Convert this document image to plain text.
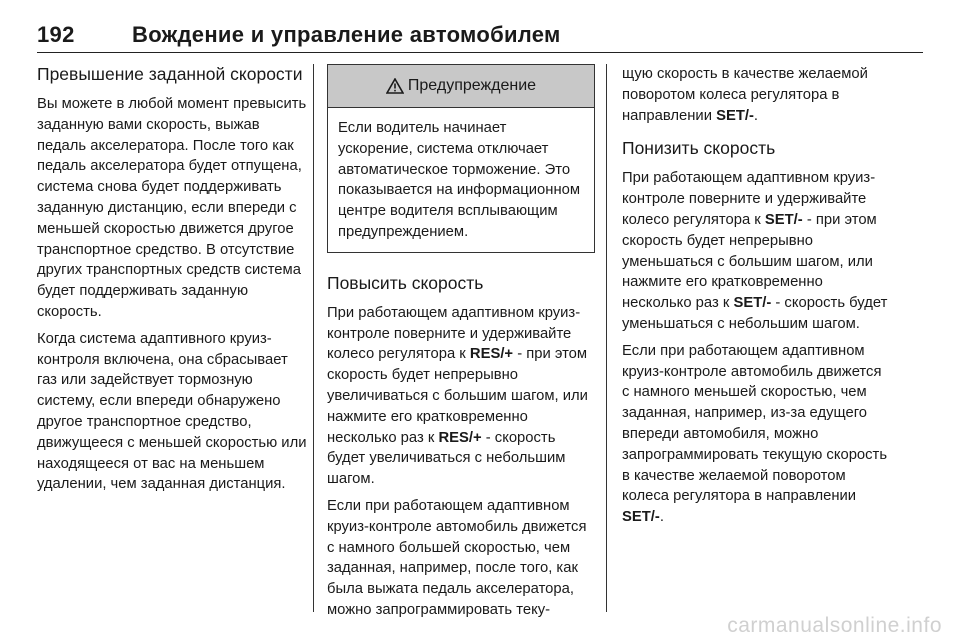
192	Вождение и управление автомобилем
Превышение заданной скорости

Вы можете в любой момент превысить заданную вами скорость, выжав педаль акселератора. После того как педаль акселератора будет отпущена, система снова будет поддерживать заданную дистанцию, если впереди с меньшей скоростью движется другое транспортное средство. В отсутствие других транспортных средств система будет поддерживать заданную скорость.

Когда система адаптивного круиз-контроля включена, она сбрасывает газ или задействует тормозную систему, если впереди обнаружено другое транспортное средство, движущееся с меньшей скоростью или находящееся от вас на меньшем удалении, чем заданная дистанция.

Предупреждение

Если водитель начинает ускорение, система отключает автоматическое торможение. Это показывается на информационном центре водителя всплывающим предупреждением.

Повысить скорость

При работающем адаптивном круиз-контроле поверните и удерживайте колесо регулятора к RES/+ - при этом скорость будет непрерывно увеличиваться с большим шагом, или нажмите его кратковременно несколько раз к RES/+ - скорость будет увеличиваться с небольшим шагом.

Если при работающем адаптивном круиз-контроле автомобиль движется с намного большей скоростью, чем заданная, например, после того, как была выжата педаль акселератора, можно запрограммировать теку-

щую скорость в качестве желаемой поворотом колеса регулятора в направлении SET/-.

Понизить скорость

При работающем адаптивном круиз-контроле поверните и удерживайте колесо регулятора к SET/- - при этом скорость будет непрерывно уменьшаться с большим шагом, или нажмите его кратковременно несколько раз к SET/- - скорость будет уменьшаться с небольшим шагом.

Если при работающем адаптивном круиз-контроле автомобиль движется с намного меньшей скоростью, чем заданная, например, из-за едущего впереди автомобиля, можно запрограммировать текущую скорость в качестве желаемой поворотом колеса регулятора в направлении SET/-.

carmanualsonline.info
